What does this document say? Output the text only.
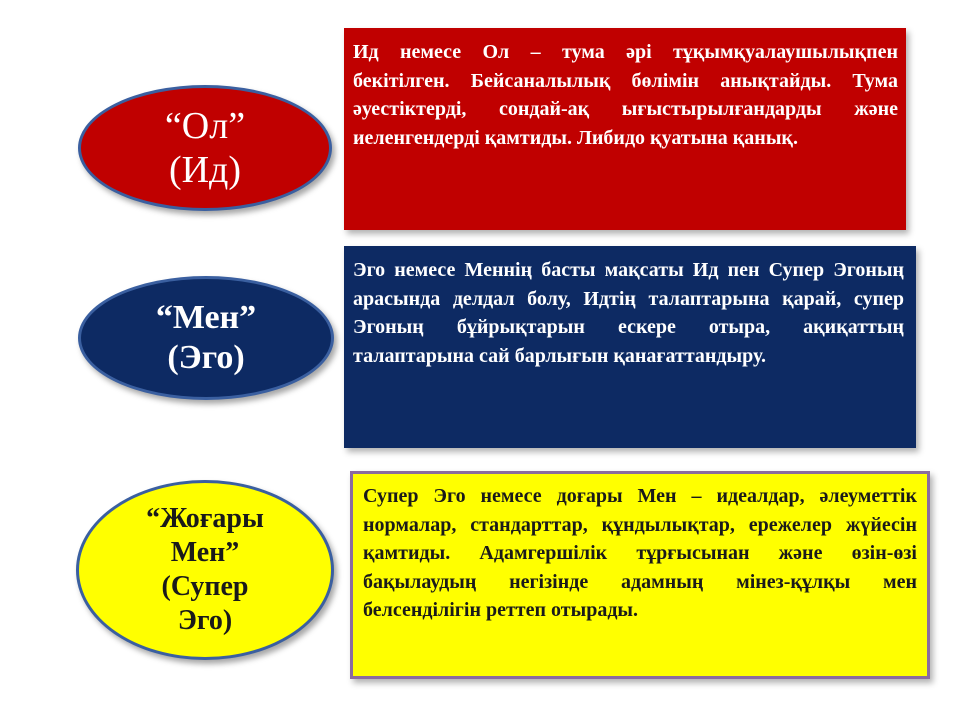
“Ол”
(Ид)
Ид немесе Ол – тума әрі тұқымқуалаушылықпен бекітілген. Бейсаналылық бөлімін анықтайды. Тума әуестіктерді, сондай-ақ ығыстырылғандарды және иеленгендерді қамтиды. Либидо қуатына қанық.
“Мен”
(Эго)
Эго немесе Меннің басты мақсаты Ид пен Супер Эгоның арасында делдал болу, Идтің талаптарына қарай, супер Эгоның бұйрықтарын ескере отыра, ақиқаттың талаптарына сай барлығын қанағаттандыру.
“Жоғары
Мен”
(Супер
Эго)
Супер Эго немесе доғары Мен – идеалдар, әлеуметтік нормалар, стандарттар, құндылықтар, ережелер жүйесін қамтиды. Адамгершілік тұрғысынан және өзін-өзі бақылаудың негізінде адамның мінез-құлқы мен белсенділігін реттеп отырады.
